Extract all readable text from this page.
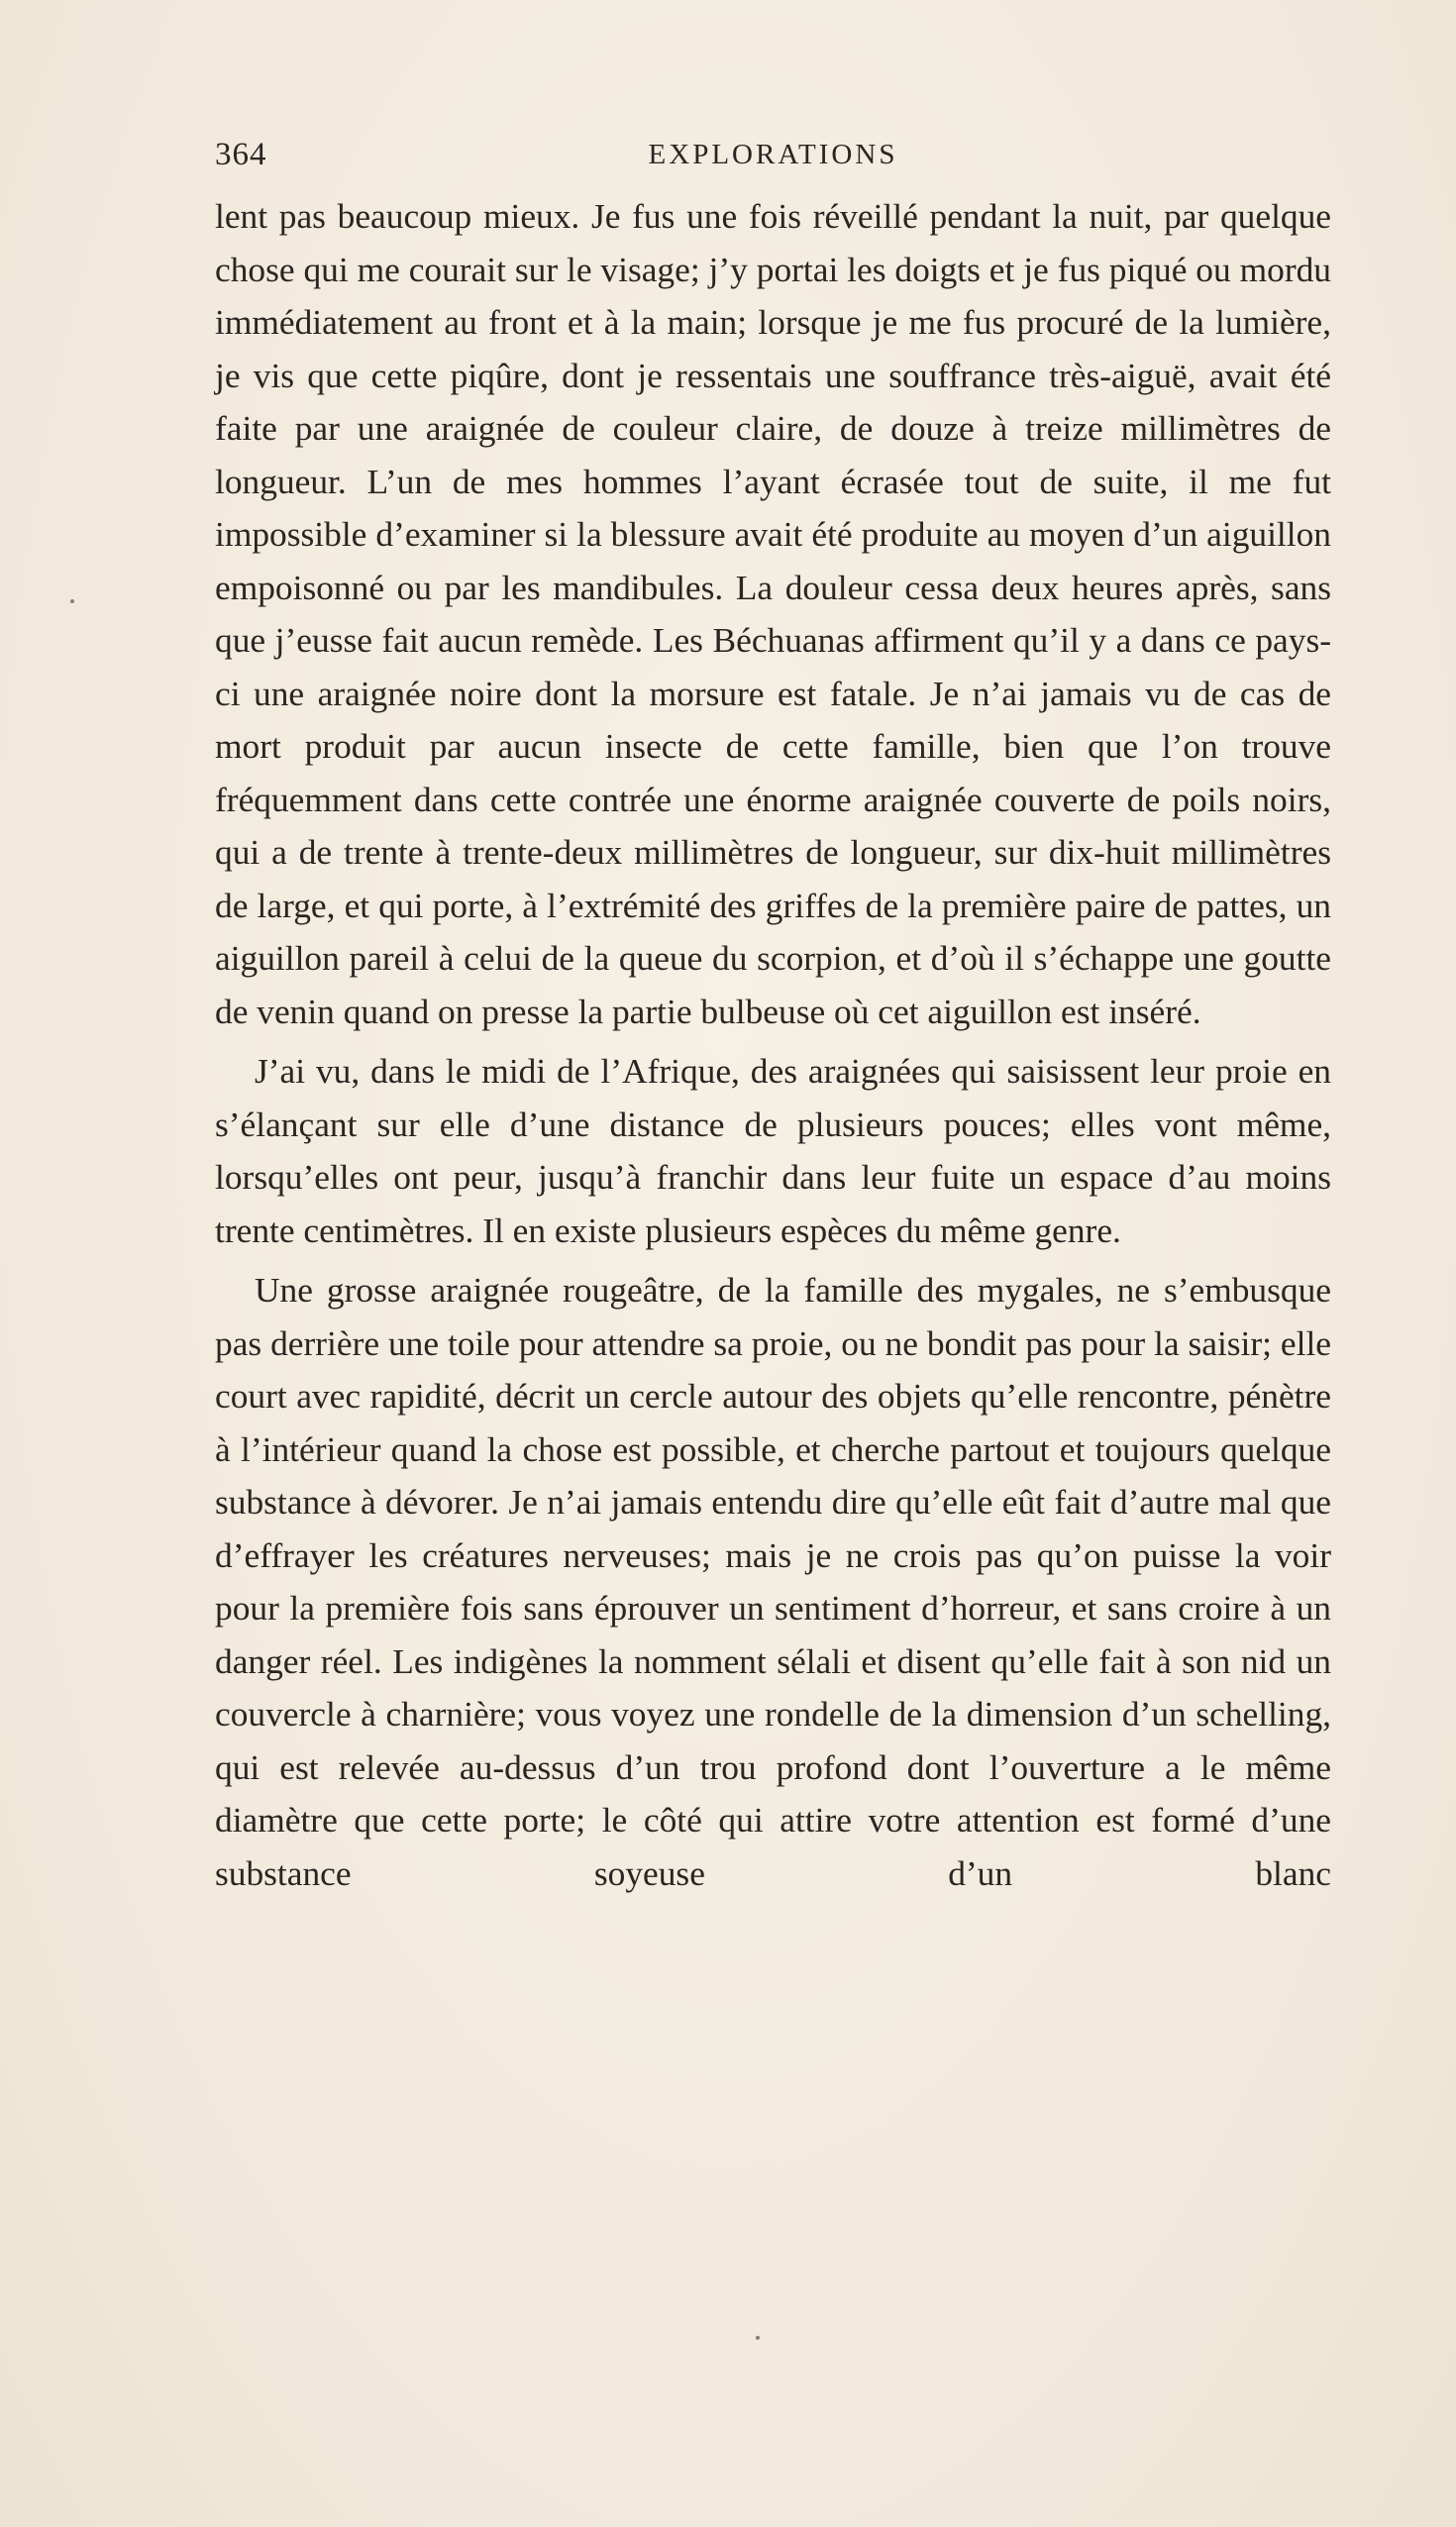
364	EXPLORATIONS

lent pas beaucoup mieux. Je fus une fois réveillé pendant la nuit, par quelque chose qui me courait sur le visage; j’y portai les doigts et je fus piqué ou mordu immédiatement au front et à la main; lorsque je me fus procuré de la lumière, je vis que cette piqûre, dont je ressentais une souffrance très-aiguë, avait été faite par une araignée de couleur claire, de douze à treize millimètres de longueur. L’un de mes hommes l’ayant écrasée tout de suite, il me fut impossible d’examiner si la blessure avait été produite au moyen d’un aiguillon empoisonné ou par les mandibules. La douleur cessa deux heures après, sans que j’eusse fait aucun remède. Les Béchuanas affirment qu’il y a dans ce pays-ci une araignée noire dont la morsure est fatale. Je n’ai jamais vu de cas de mort produit par aucun insecte de cette famille, bien que l’on trouve fréquemment dans cette contrée une énorme araignée couverte de poils noirs, qui a de trente à trente-deux millimètres de longueur, sur dix-huit millimètres de large, et qui porte, à l’extrémité des griffes de la première paire de pattes, un aiguillon pareil à celui de la queue du scorpion, et d’où il s’échappe une goutte de venin quand on presse la partie bulbeuse où cet aiguillon est inséré.

J’ai vu, dans le midi de l’Afrique, des araignées qui saisissent leur proie en s’élançant sur elle d’une distance de plusieurs pouces; elles vont même, lorsqu’elles ont peur, jusqu’à franchir dans leur fuite un espace d’au moins trente centimètres. Il en existe plusieurs espèces du même genre.

Une grosse araignée rougeâtre, de la famille des mygales, ne s’embusque pas derrière une toile pour attendre sa proie, ou ne bondit pas pour la saisir; elle court avec rapidité, décrit un cercle autour des objets qu’elle rencontre, pénètre à l’intérieur quand la chose est possible, et cherche partout et toujours quelque substance à dévorer. Je n’ai jamais entendu dire qu’elle eût fait d’autre mal que d’effrayer les créatures nerveuses; mais je ne crois pas qu’on puisse la voir pour la première fois sans éprouver un sentiment d’horreur, et sans croire à un danger réel. Les indigènes la nomment sélali et disent qu’elle fait à son nid un couvercle à charnière; vous voyez une rondelle de la dimension d’un schelling, qui est relevée au-dessus d’un trou profond dont l’ouverture a le même diamètre que cette porte; le côté qui attire votre attention est formé d’une substance soyeuse d’un blanc
